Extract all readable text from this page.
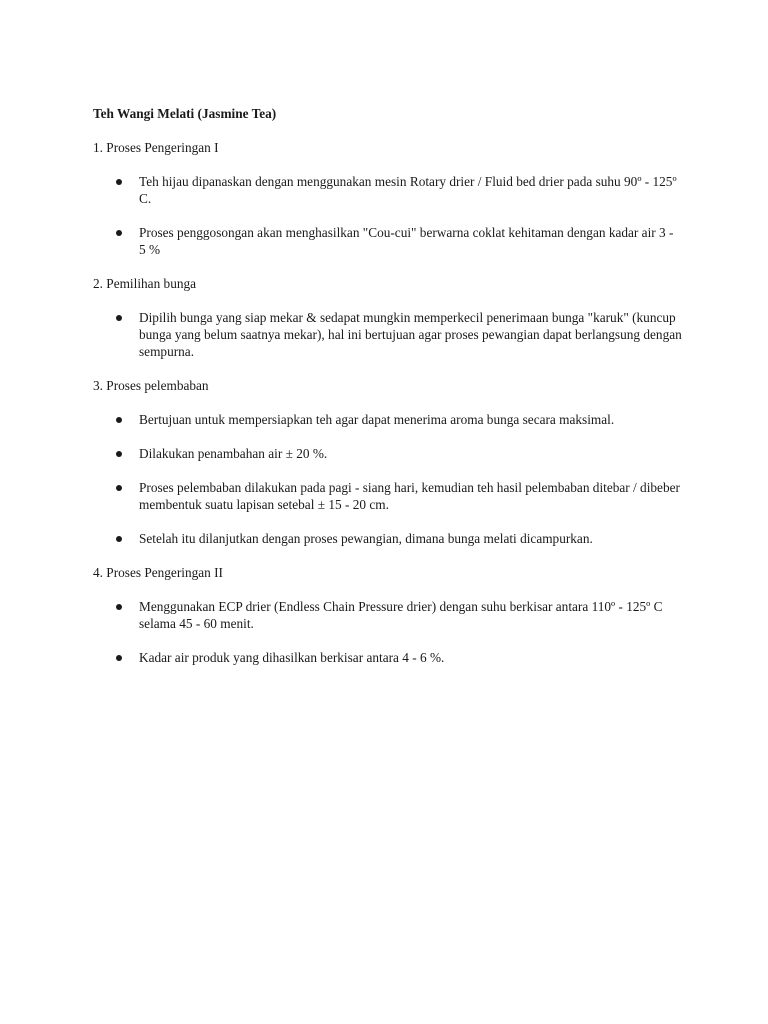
Teh Wangi Melati (Jasmine Tea)
1. Proses Pengeringan I
Teh hijau dipanaskan dengan menggunakan mesin Rotary drier / Fluid bed drier pada suhu 90º - 125º C.
Proses penggosongan akan menghasilkan "Cou-cui" berwarna coklat kehitaman dengan kadar air 3 - 5 %
2. Pemilihan bunga
Dipilih bunga yang siap mekar & sedapat mungkin memperkecil penerimaan bunga "karuk" (kuncup bunga yang belum saatnya mekar), hal ini bertujuan agar proses pewangian dapat berlangsung dengan sempurna.
3. Proses pelembaban
Bertujuan untuk mempersiapkan teh agar dapat menerima aroma bunga secara maksimal.
Dilakukan penambahan air ± 20 %.
Proses pelembaban dilakukan pada pagi - siang hari, kemudian teh hasil pelembaban ditebar / dibeber membentuk suatu lapisan setebal ± 15 - 20 cm.
Setelah itu dilanjutkan dengan proses pewangian, dimana bunga melati dicampurkan.
4. Proses Pengeringan II
Menggunakan ECP drier (Endless Chain Pressure drier) dengan suhu berkisar antara 110º - 125º C selama 45 - 60 menit.
Kadar air produk yang dihasilkan berkisar antara 4 - 6 %.
